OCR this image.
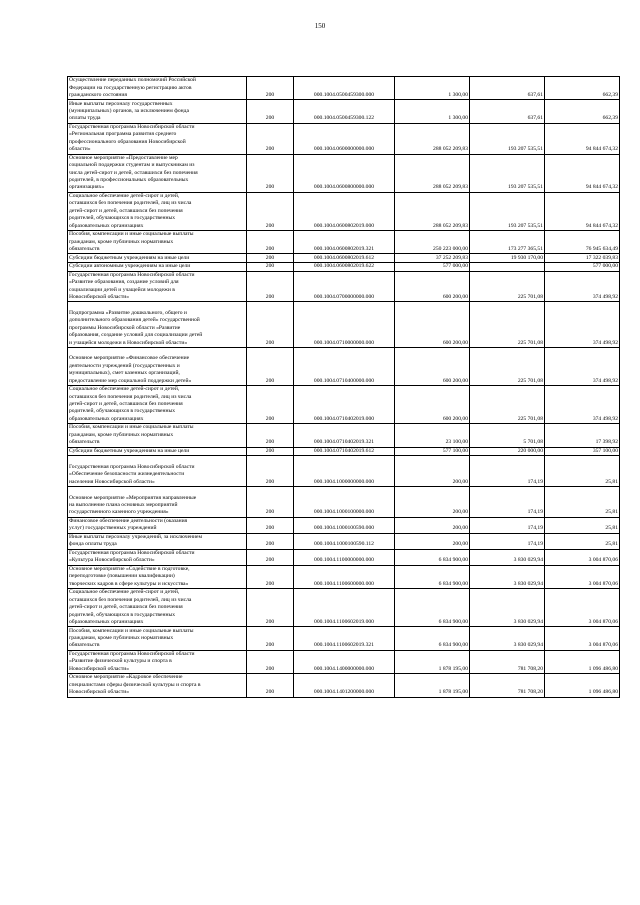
150
Осуществление переданных полномочий Российской
Федерации на государственную регистрацию актов
гражданского состояния	200	000.1004.0500459300.000	1 300,00	637,61	662,39

Иные выплаты персоналу государственных
(муниципальных) органов, за исключением фонда
оплаты труда	200	000.1004.0500459300.122	1 300,00	637,61	662,39

Государственная программа Новосибирской области
«Региональная программа развития среднего
профессионального образования Новосибирской
области»	200	000.1004.0600000000.000	288 052 209,83	193 207 535,51	94 844 674,32

Основное мероприятие «Предоставление мер
социальной поддержки студентам и выпускникам из
числа детей-сирот и детей, оставшихся без попечения
родителей, в профессиональных образовательных
организациях»	200	000.1004.0600800000.000	288 052 209,83	193 207 535,51	94 844 674,32

Социальное обеспечение детей-сирот и детей,
оставшихся без попечения родителей, лиц из числа
детей-сирот и детей, оставшихся без попечения
родителей, обучающихся в государственных
образовательных организациях	200	000.1004.0600802019.000	288 052 209,83	193 207 535,51	94 844 674,32

Пособия, компенсации и иные социальные выплаты
гражданам, кроме публичных нормативных
обязательств	200	000.1004.0600802019.321	250 223 000,00	173 277 365,51	76 945 634,49

Субсидии бюджетным учреждениям на иные цели	200	000.1004.0600802019.612	37 252 209,83	19 930 170,00	17 322 039,83

Субсидии автономным учреждениям на иные цели	200	000.1004.0600802019.622	577 000,00		577 000,00

Государственная программа Новосибирской области
«Развитие образования, создание условий для
социализации детей и учащейся молодежи в
Новосибирской области»	200	000.1004.0700000000.000	600 200,00	225 701,08	374 498,92

Подпрограмма «Развитие дошкольного, общего и
дополнительного образования детей» государственной
программы Новосибирской области «Развитие
образования, создание условий для социализации детей
и учащейся молодежи в Новосибирской области»	200	000.1004.0710000000.000	600 200,00	225 701,08	374 498,92

Основное мероприятие «Финансовое обеспечение
деятельности учреждений (государственных и
муниципальных), смет казенных организаций,
предоставление мер социальной поддержки детей»	200	000.1004.0710400000.000	600 200,00	225 701,08	374 498,92

Социальное обеспечение детей-сирот и детей,
оставшихся без попечения родителей, лиц из числа
детей-сирот и детей, оставшихся без попечения
родителей, обучающихся в государственных
образовательных организациях	200	000.1004.0710402019.000	600 200,00	225 701,08	374 498,92

Пособия, компенсации и иные социальные выплаты
гражданам, кроме публичных нормативных
обязательств	200	000.1004.0710402019.321	23 100,00	5 701,08	17 398,92

Субсидии бюджетным учреждениям на иные цели	200	000.1004.0710402019.612	577 100,00	220 000,00	357 100,00

Государственная программа Новосибирской области
«Обеспечение безопасности жизнедеятельности
населения Новосибирской области»	200	000.1004.1000000000.000	200,00	174,19	25,81

Основное мероприятие «Мероприятия направленные
на выполнение плана основных мероприятий
государственного казенного учреждения»	200	000.1004.1000100000.000	200,00	174,19	25,81

Финансовое обеспечение деятельности (оказания
услуг) государственных учреждений	200	000.1004.1000100590.000	200,00	174,19	25,81

Иные выплаты персоналу учреждений, за исключением
фонда оплаты труда	200	000.1004.1000100590.112	200,00	174,19	25,81

Государственная программа Новосибирской области
«Культура Новосибирской области»	200	000.1004.1100000000.000	6 834 900,00	3 830 029,94	3 004 870,06

Основное мероприятие «Содействие в подготовке,
переподготовке (повышении квалификации)
творческих кадров в сфере культуры и искусства»	200	000.1004.1100600000.000	6 834 900,00	3 830 029,94	3 004 870,06

Социальное обеспечение детей-сирот и детей,
оставшихся без попечения родителей, лиц из числа
детей-сирот и детей, оставшихся без попечения
родителей, обучающихся в государственных
образовательных организациях	200	000.1004.1100602019.000	6 834 900,00	3 830 029,94	3 004 870,06

Пособия, компенсации и иные социальные выплаты
гражданам, кроме публичных нормативных
обязательств	200	000.1004.1100602019.321	6 834 900,00	3 830 029,94	3 004 870,06

Государственная программа Новосибирской области
«Развитие физической культуры и спорта в
Новосибирской области»	200	000.1004.1400000000.000	1 878 195,00	781 708,20	1 096 486,80

Основное мероприятие «Кадровое обеспечение
специалистами сферы физической культуры и спорта в
Новосибирской области»	200	000.1004.1401200000.000	1 878 195,00	781 708,20	1 096 486,80
